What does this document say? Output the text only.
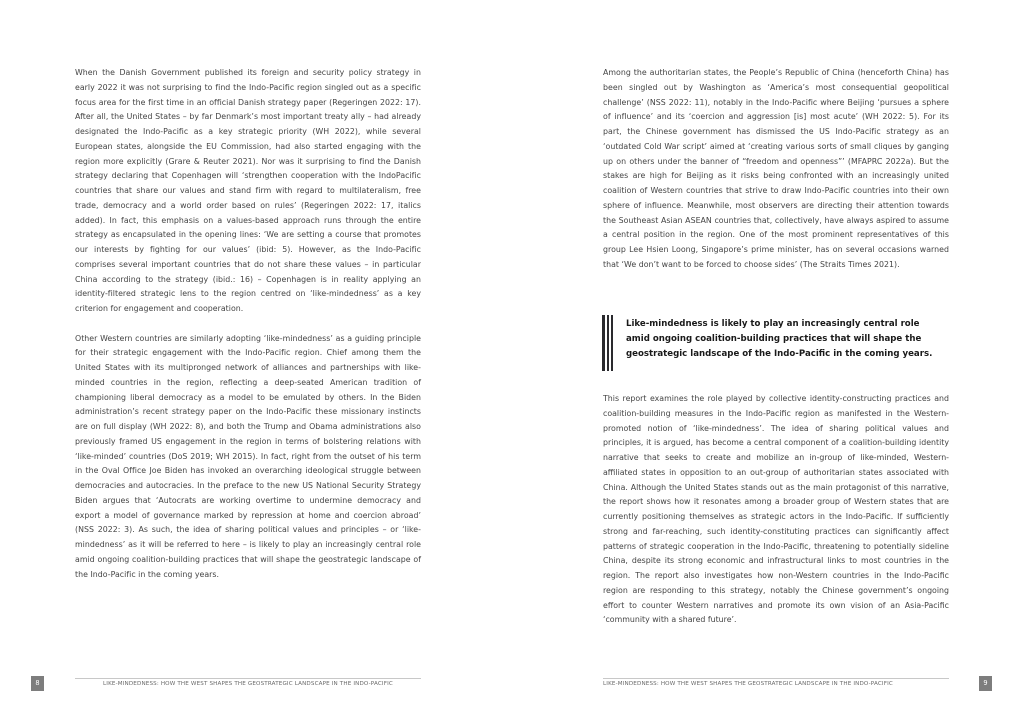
When the Danish Government published its foreign and security policy strategy in early 2022 it was not surprising to find the Indo-Pacific region singled out as a specific focus area for the first time in an official Danish strategy paper (Regeringen 2022: 17). After all, the United States – by far Denmark’s most important treaty ally – had already designated the Indo-Pacific as a key strategic priority (WH 2022), while several European states, alongside the EU Commission, had also started engaging with the region more explicitly (Grare & Reuter 2021). Nor was it surprising to find the Danish strategy declaring that Copenhagen will ‘strengthen cooperation with the IndoPacific countries that share our values and stand firm with regard to multilateralism, free trade, democracy and a world order based on rules’ (Regeringen 2022: 17, italics added). In fact, this emphasis on a values-based approach runs through the entire strategy as encapsulated in the opening lines: ‘We are setting a course that promotes our interests by fighting for our values’ (ibid: 5). However, as the Indo-Pacific comprises several important countries that do not share these values – in particular China according to the strategy (ibid.: 16) – Copenhagen is in reality applying an identity-filtered strategic lens to the region centred on ‘like-mindedness’ as a key criterion for engagement and cooperation.

Other Western countries are similarly adopting ‘like-mindedness’ as a guiding principle for their strategic engagement with the Indo-Pacific region. Chief among them the United States with its multipronged network of alliances and partnerships with like-minded countries in the region, reflecting a deep-seated American tradition of championing liberal democracy as a model to be emulated by others. In the Biden administration’s recent strategy paper on the Indo-Pacific these missionary instincts are on full display (WH 2022: 8), and both the Trump and Obama administrations also previously framed US engagement in the region in terms of bolstering relations with ‘like-minded’ countries (DoS 2019; WH 2015). In fact, right from the outset of his term in the Oval Office Joe Biden has invoked an overarching ideological struggle between democracies and autocracies. In the preface to the new US National Security Strategy Biden argues that ‘Autocrats are working overtime to undermine democracy and export a model of governance marked by repression at home and coercion abroad’ (NSS 2022: 3). As such, the idea of sharing political values and principles – or ‘like-mindedness’ as it will be referred to here – is likely to play an increasingly central role amid ongoing coalition-building practices that will shape the geostrategic landscape of the Indo-Pacific in the coming years.

8	LIKE-MINDEDNESS: HOW THE WEST SHAPES THE GEOSTRATEGIC LANDSCAPE IN THE INDO-PACIFIC

Among the authoritarian states, the People’s Republic of China (henceforth China) has been singled out by Washington as ‘America’s most consequential geopolitical challenge’ (NSS 2022: 11), notably in the Indo-Pacific where Beijing ‘pursues a sphere of influence’ and its ‘coercion and aggression [is] most acute’ (WH 2022: 5). For its part, the Chinese government has dismissed the US Indo-Pacific strategy as an ‘outdated Cold War script’ aimed at ‘creating various sorts of small cliques by ganging up on others under the banner of “freedom and openness”’ (MFAPRC 2022a). But the stakes are high for Beijing as it risks being confronted with an increasingly united coalition of Western countries that strive to draw Indo-Pacific countries into their own sphere of influence. Meanwhile, most observers are directing their attention towards the Southeast Asian ASEAN countries that, collectively, have always aspired to assume a central position in the region. One of the most prominent representatives of this group Lee Hsien Loong, Singapore’s prime minister, has on several occasions warned that ‘We don’t want to be forced to choose sides’ (The Straits Times 2021).

Like-mindedness is likely to play an increasingly central role amid ongoing coalition-building practices that will shape the geostrategic landscape of the Indo-Pacific in the coming years.

This report examines the role played by collective identity-constructing practices and coalition-building measures in the Indo-Pacific region as manifested in the Western-promoted notion of ‘like-mindedness’. The idea of sharing political values and principles, it is argued, has become a central component of a coalition-building identity narrative that seeks to create and mobilize an in-group of like-minded, Western-affiliated states in opposition to an out-group of authoritarian states associated with China. Although the United States stands out as the main protagonist of this narrative, the report shows how it resonates among a broader group of Western states that are currently positioning themselves as strategic actors in the Indo-Pacific. If sufficiently strong and far-reaching, such identity-constituting practices can significantly affect patterns of strategic cooperation in the Indo-Pacific, threatening to potentially sideline China, despite its strong economic and infrastructural links to most countries in the region. The report also investigates how non-Western countries in the Indo-Pacific region are responding to this strategy, notably the Chinese government’s ongoing effort to counter Western narratives and promote its own vision of an Asia-Pacific ‘community with a shared future’.

LIKE-MINDEDNESS: HOW THE WEST SHAPES THE GEOSTRATEGIC LANDSCAPE IN THE INDO-PACIFIC	9
